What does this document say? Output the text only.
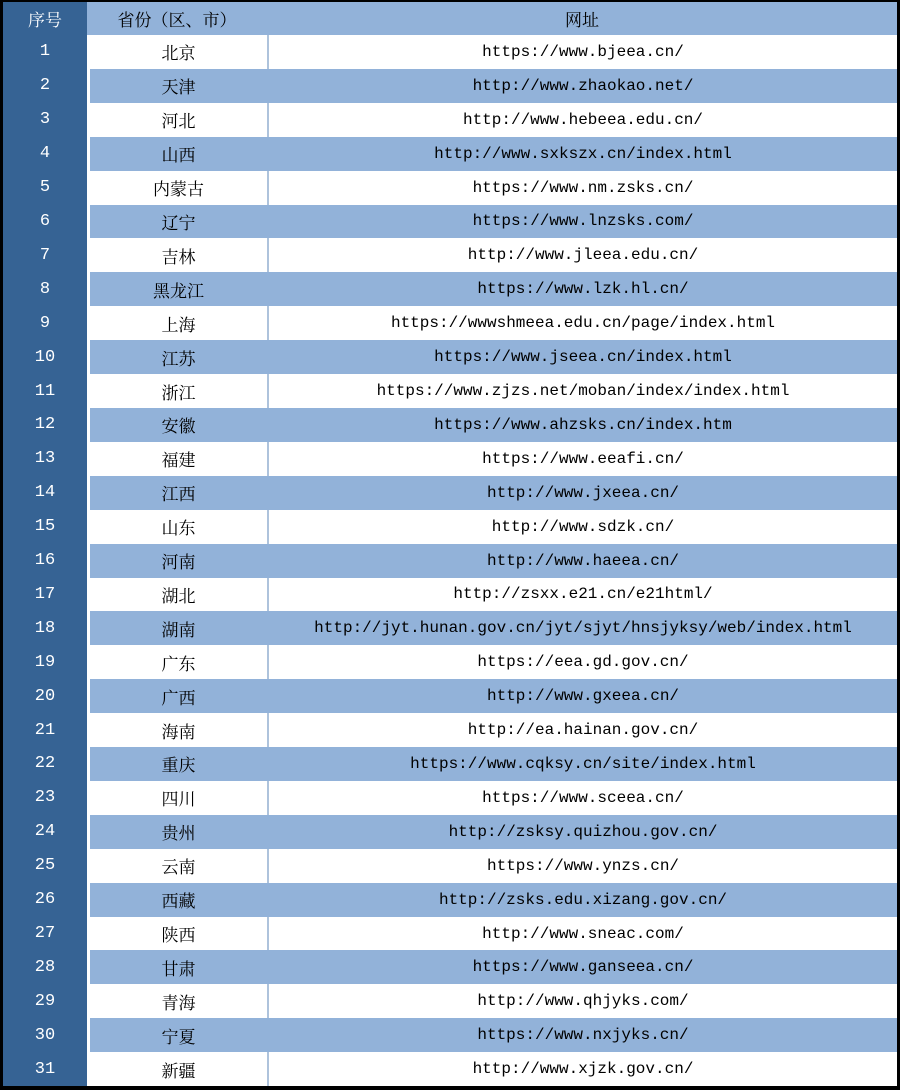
序号	省份（区、市）	网址
1	北京	https://www.bjeea.cn/
2	天津	http://www.zhaokao.net/
3	河北	http://www.hebeea.edu.cn/
4	山西	http://www.sxkszx.cn/index.html
5	内蒙古	https://www.nm.zsks.cn/
6	辽宁	https://www.lnzsks.com/
7	吉林	http://www.jleea.edu.cn/
8	黑龙江	https://www.lzk.hl.cn/
9	上海	https://wwwshmeea.edu.cn/page/index.html
10	江苏	https://www.jseea.cn/index.html
11	浙江	https://www.zjzs.net/moban/index/index.html
12	安徽	https://www.ahzsks.cn/index.htm
13	福建	https://www.eeafi.cn/
14	江西	http://www.jxeea.cn/
15	山东	http://www.sdzk.cn/
16	河南	http://www.haeea.cn/
17	湖北	http://zsxx.e21.cn/e21html/
18	湖南	http://jyt.hunan.gov.cn/jyt/sjyt/hnsjyksy/web/index.html
19	广东	https://eea.gd.gov.cn/
20	广西	http://www.gxeea.cn/
21	海南	http://ea.hainan.gov.cn/
22	重庆	https://www.cqksy.cn/site/index.html
23	四川	https://www.sceea.cn/
24	贵州	http://zsksy.quizhou.gov.cn/
25	云南	https://www.ynzs.cn/
26	西藏	http://zsks.edu.xizang.gov.cn/
27	陕西	http://www.sneac.com/
28	甘肃	https://www.ganseea.cn/
29	青海	http://www.qhjyks.com/
30	宁夏	https://www.nxjyks.cn/
31	新疆	http://www.xjzk.gov.cn/
